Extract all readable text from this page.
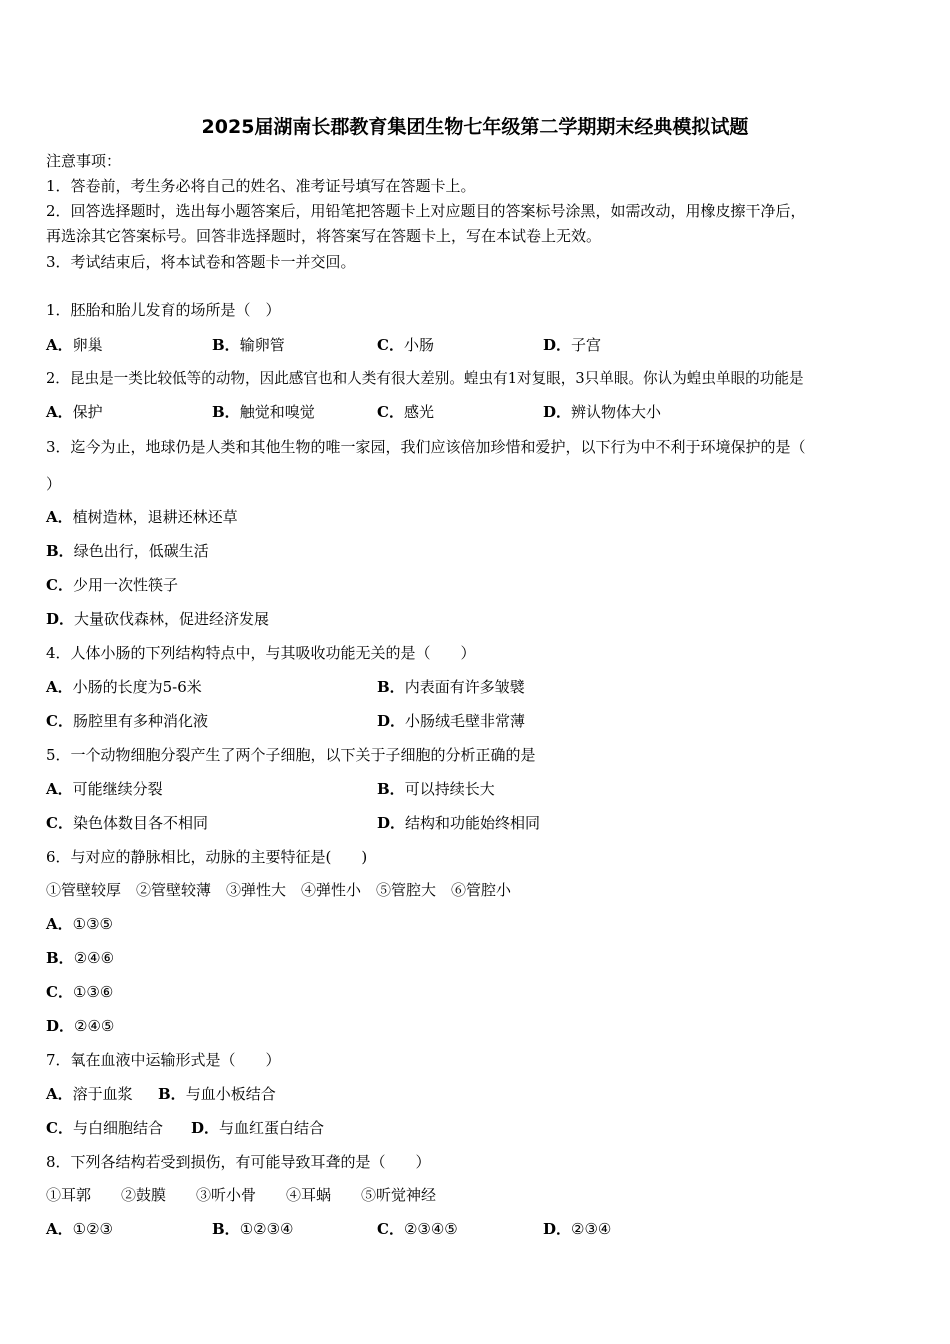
2025届湖南长郡教育集团生物七年级第二学期期末经典模拟试题
注意事项：
1．答卷前，考生务必将自己的姓名、准考证号填写在答题卡上。
2．回答选择题时，选出每小题答案后，用铅笔把答题卡上对应题目的答案标号涂黑，如需改动，用橡皮擦干净后，
再选涂其它答案标号。回答非选择题时，将答案写在答题卡上，写在本试卷上无效。
3．考试结束后，将本试卷和答题卡一并交回。
1．胚胎和胎儿发育的场所是（　）
A．卵巢	B．输卵管	C．小肠	D．子宫
2．昆虫是一类比较低等的动物，因此感官也和人类有很大差别。蝗虫有1对复眼，3只单眼。你认为蝗虫单眼的功能是
A．保护	B．触觉和嗅觉	C．感光	D．辨认物体大小
3．迄今为止，地球仍是人类和其他生物的唯一家园，我们应该倍加珍惜和爱护，以下行为中不利于环境保护的是（
）
A．植树造林，退耕还林还草
B．绿色出行，低碳生活
C．少用一次性筷子
D．大量砍伐森林，促进经济发展
4．人体小肠的下列结构特点中，与其吸收功能无关的是（　　）
A．小肠的长度为5-6米	B．内表面有许多皱襞
C．肠腔里有多种消化液	D．小肠绒毛壁非常薄
5．一个动物细胞分裂产生了两个子细胞，以下关于子细胞的分析正确的是
A．可能继续分裂	B．可以持续长大
C．染色体数目各不相同	D．结构和功能始终相同
6．与对应的静脉相比，动脉的主要特征是(　　)
①管壁较厚　②管壁较薄　③弹性大　④弹性小　⑤管腔大　⑥管腔小
A．①③⑤
B．②④⑥
C．①③⑥
D．②④⑤
7．氧在血液中运输形式是（　　）
A．溶于血浆 B．与血小板结合
C．与白细胞结合 D．与血红蛋白结合
8．下列各结构若受到损伤，有可能导致耳聋的是（　　）
①耳郭　　②鼓膜　　③听小骨　　④耳蜗　　⑤听觉神经
A．①②③	B．①②③④	C．②③④⑤	D．②③④
